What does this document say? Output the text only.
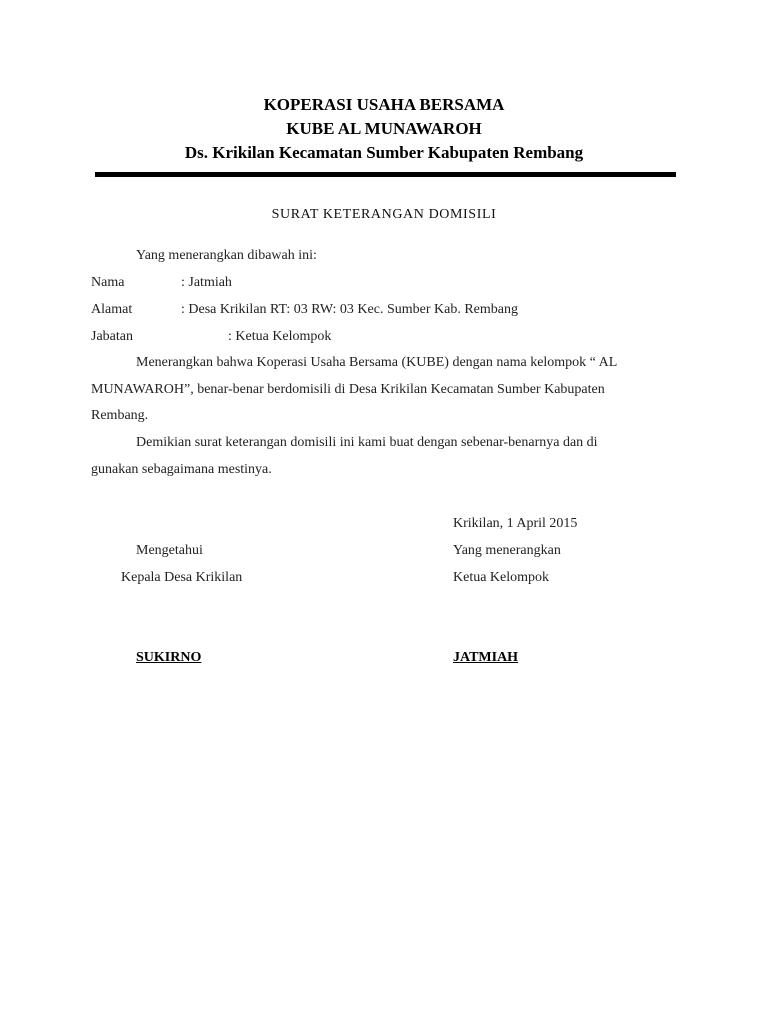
KOPERASI USAHA BERSAMA
KUBE AL MUNAWAROH
Ds. Krikilan Kecamatan Sumber Kabupaten Rembang
SURAT KETERANGAN DOMISILI
Yang menerangkan dibawah ini:
Nama	: Jatmiah
Alamat	: Desa Krikilan RT: 03 RW: 03 Kec. Sumber Kab. Rembang
Jabatan	: Ketua Kelompok
Menerangkan bahwa Koperasi Usaha Bersama (KUBE) dengan nama kelompok “ AL
MUNAWAROH”, benar-benar berdomisili di Desa Krikilan Kecamatan Sumber Kabupaten
Rembang.
Demikian surat keterangan domisili ini kami buat dengan sebenar-benarnya dan di
gunakan sebagaimana mestinya.
Krikilan, 1 April 2015
Mengetahui	Yang menerangkan
Kepala Desa Krikilan	Ketua Kelompok
SUKIRNO	JATMIAH
